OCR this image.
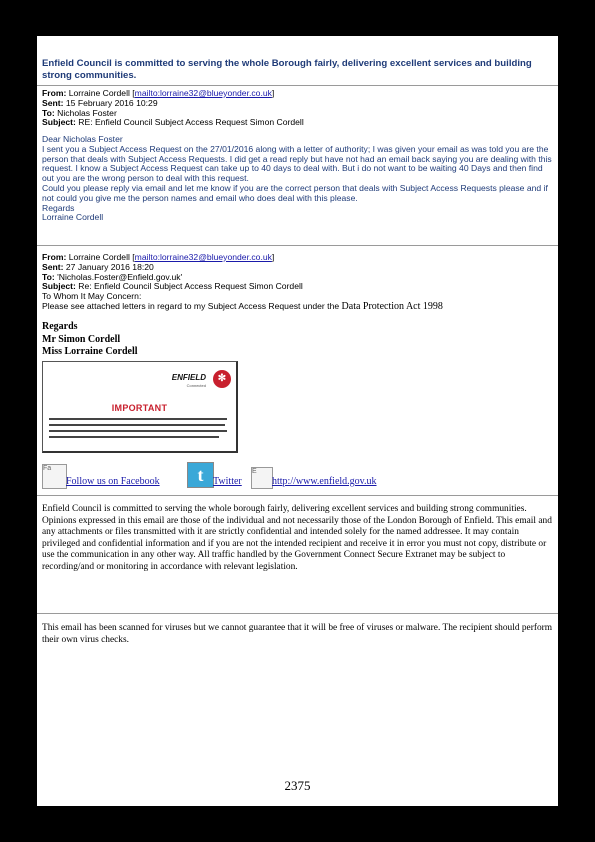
Enfield Council is committed to serving the whole Borough fairly, delivering excellent services and building strong communities.
From: Lorraine Cordell [mailto:lorraine32@blueyonder.co.uk]
Sent: 15 February 2016 10:29
To: Nicholas Foster
Subject: RE: Enfield Council Subject Access Request Simon Cordell
Dear Nicholas Foster
I sent you a Subject Access Request on the 27/01/2016 along with a letter of authority; I was given your email as was told you are the person that deals with Subject Access Requests. I did get a read reply but have not had an email back saying you are dealing with this request. I know a Subject Access Request can take up to 40 days to deal with. But i do not want to be waiting 40 Days and then find out you are the wrong person to deal with this request.
Could you please reply via email and let me know if you are the correct person that deals with Subject Access Requests please and if not could you give me the person names and email who does deal with this please.
Regards
Lorraine Cordell
From: Lorraine Cordell [mailto:lorraine32@blueyonder.co.uk]
Sent: 27 January 2016 18:20
To: 'Nicholas.Foster@Enfield.gov.uk'
Subject: Re: Enfield Council Subject Access Request Simon Cordell
To Whom It May Concern:
Please see attached letters in regard to my Subject Access Request under the Data Protection Act 1998
Regards
Mr Simon Cordell
Miss Lorraine Cordell
ENFIELD
Connected
✻
IMPORTANT
Fa
Follow us on Facebook	t Twitter
E
http://www.enfield.gov.uk
Enfield Council is committed to serving the whole borough fairly, delivering excellent services and building strong communities. Opinions expressed in this email are those of the individual and not necessarily those of the London Borough of Enfield. This email and any attachments or files transmitted with it are strictly confidential and intended solely for the named addressee. It may contain privileged and confidential information and if you are not the intended recipient and receive it in error you must not copy, distribute or use the communication in any other way. All traffic handled by the Government Connect Secure Extranet may be subject to recording/and or monitoring in accordance with relevant legislation.
This email has been scanned for viruses but we cannot guarantee that it will be free of viruses or malware. The recipient should perform their own virus checks.
2375
